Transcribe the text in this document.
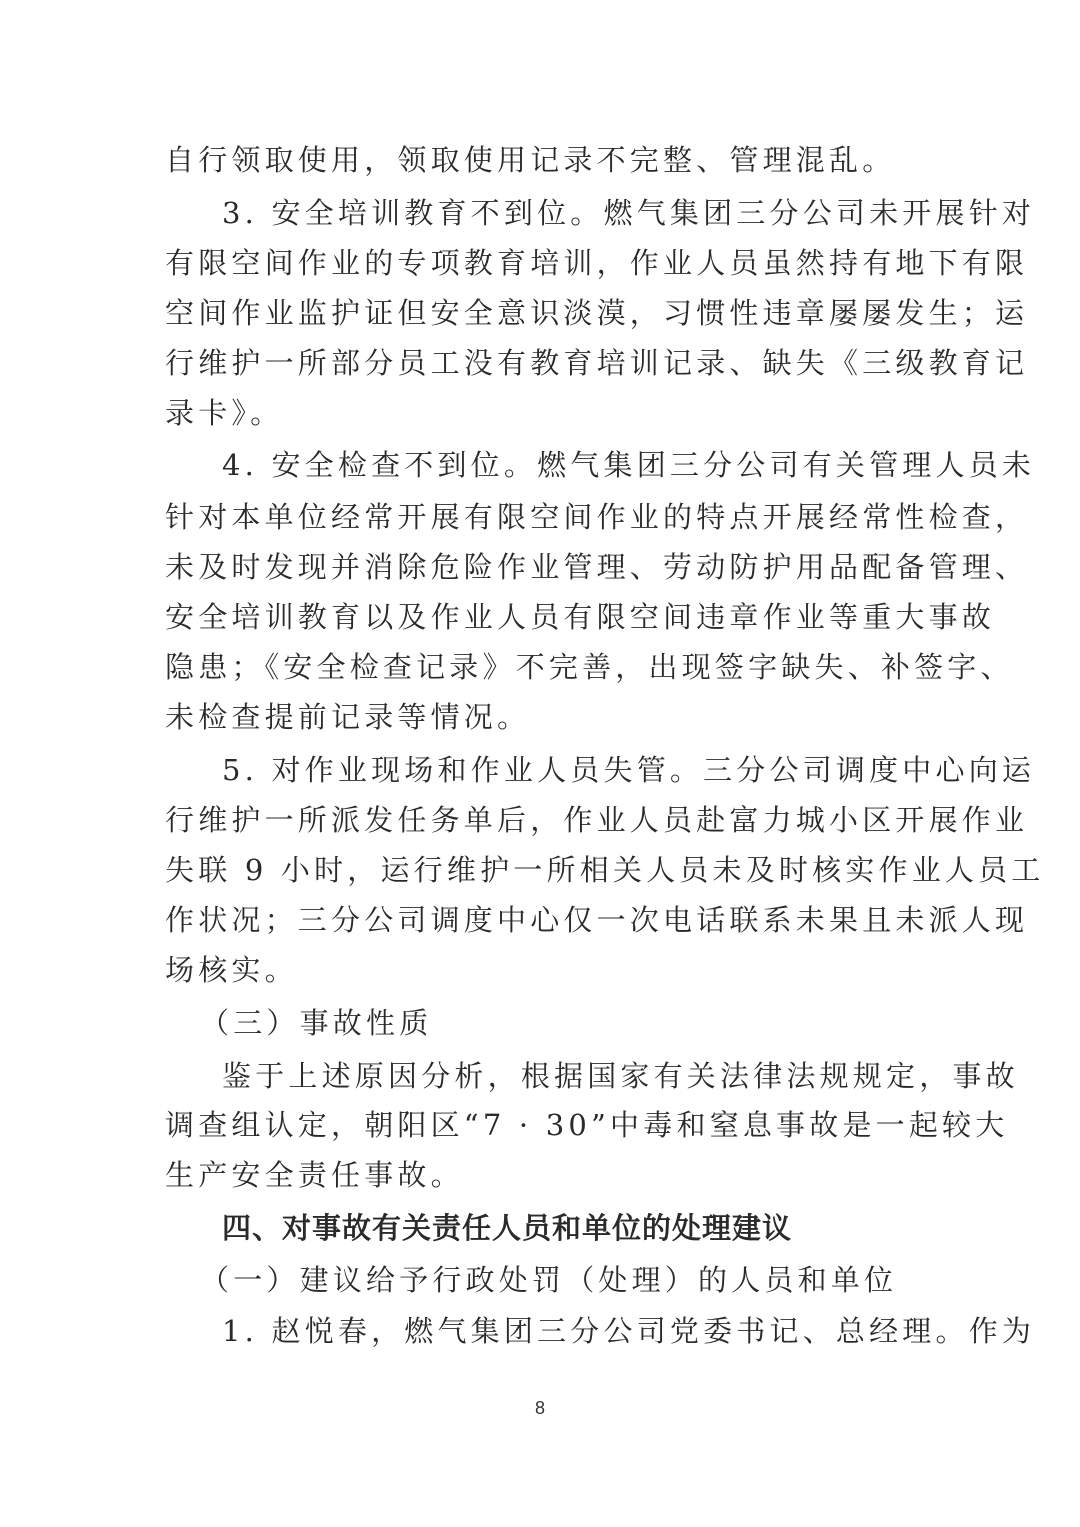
自行领取使用，领取使用记录不完整、管理混乱。
3. 安全培训教育不到位。燃气集团三分公司未开展针对
有限空间作业的专项教育培训，作业人员虽然持有地下有限
空间作业监护证但安全意识淡漠，习惯性违章屡屡发生；运
行维护一所部分员工没有教育培训记录、缺失《三级教育记
录卡》。
4. 安全检查不到位。燃气集团三分公司有关管理人员未
针对本单位经常开展有限空间作业的特点开展经常性检查，
未及时发现并消除危险作业管理、劳动防护用品配备管理、
安全培训教育以及作业人员有限空间违章作业等重大事故
隐患；《安全检查记录》不完善，出现签字缺失、补签字、
未检查提前记录等情况。
5. 对作业现场和作业人员失管。三分公司调度中心向运
行维护一所派发任务单后，作业人员赴富力城小区开展作业
失联 9 小时，运行维护一所相关人员未及时核实作业人员工
作状况；三分公司调度中心仅一次电话联系未果且未派人现
场核实。
（三）事故性质
鉴于上述原因分析，根据国家有关法律法规规定，事故
调查组认定，朝阳区“7 · 30”中毒和窒息事故是一起较大
生产安全责任事故。
四、对事故有关责任人员和单位的处理建议
（一）建议给予行政处罚（处理）的人员和单位
1. 赵悦春，燃气集团三分公司党委书记、总经理。作为
8
